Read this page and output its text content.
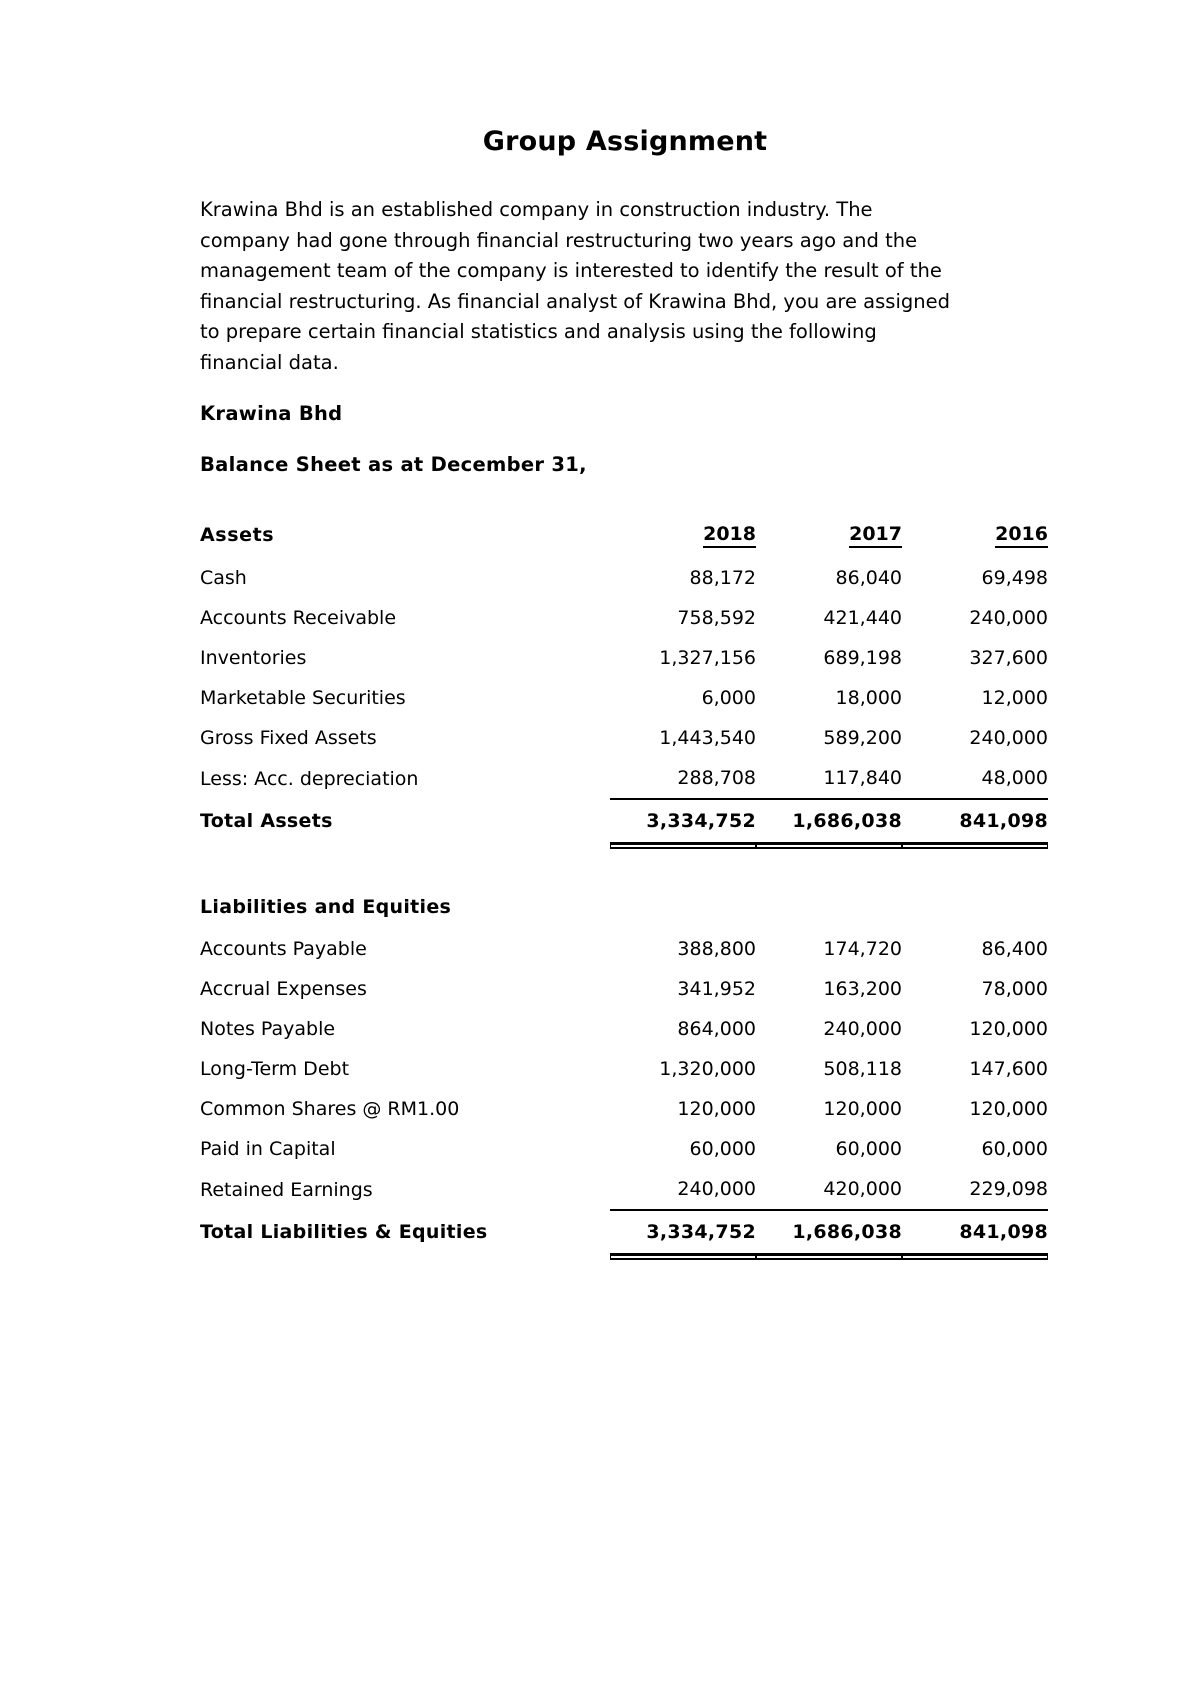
Group Assignment

Krawina Bhd is an established company in construction industry. The company had gone through financial restructuring two years ago and the management team of the company is interested to identify the result of the financial restructuring. As financial analyst of Krawina Bhd, you are assigned to prepare certain financial statistics and analysis using the following financial data.

Krawina Bhd
Balance Sheet as at December 31,
Assets	2018	2017	2016
Cash	88,172	86,040	69,498
Accounts Receivable	758,592	421,440	240,000
Inventories	1,327,156	689,198	327,600
Marketable Securities	6,000	18,000	12,000
Gross Fixed Assets	1,443,540	589,200	240,000
Less: Acc. depreciation	288,708	117,840	48,000
Total Assets	3,334,752	1,686,038	841,098

Liabilities and Equities			
Accounts Payable	388,800	174,720	86,400
Accrual Expenses	341,952	163,200	78,000
Notes Payable	864,000	240,000	120,000
Long-Term Debt	1,320,000	508,118	147,600
Common Shares @ RM1.00	120,000	120,000	120,000
Paid in Capital	60,000	60,000	60,000
Retained Earnings	240,000	420,000	229,098
Total Liabilities & Equities	3,334,752	1,686,038	841,098
